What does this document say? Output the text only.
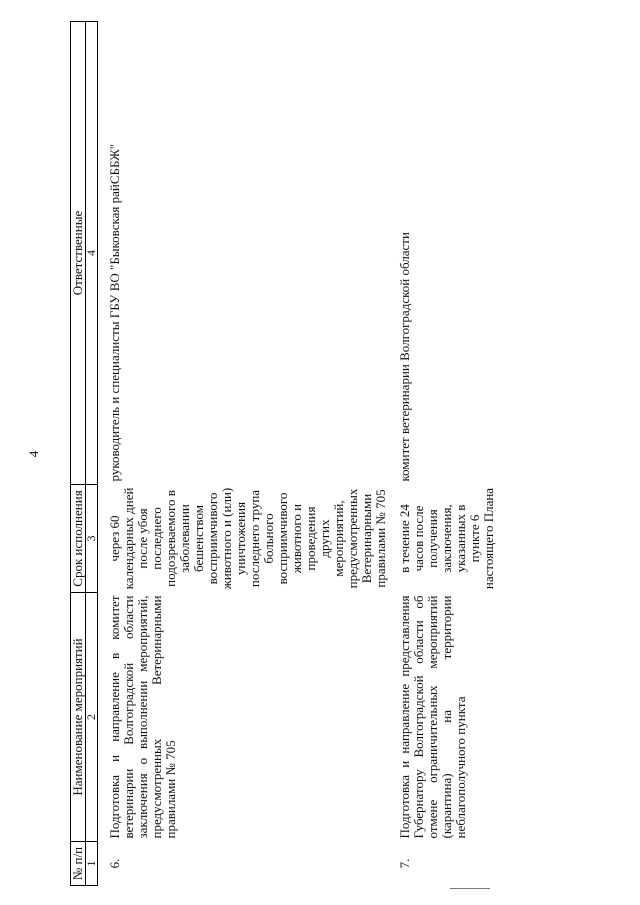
4
№ п/п	Наименование мероприятий	Срок исполнения	Ответственные
1	2	3	4
6.	Подготовка и направление в комитет ветеринарии Волгоградской области заключения о выполнении мероприятий, предусмотренных Ветеринарными правилами № 705	через 60 календарных дней после убоя последнего подозреваемого в заболевании бешенством восприимчивого животного и (или) уничтожения последнего трупа больного восприимчивого животного и проведения других мероприятий, предусмотренных Ветеринарными правилами № 705	руководитель и специалисты ГБУ ВО "Быковская райСББЖ"
7.	Подготовка и направление представления Губернатору Волгоградской области об отмене ограничительных мероприятий (карантина) на территории неблагополучного пункта	в течение 24 часов после получения заключения, указанных в пункте 6 настоящего Плана	комитет ветеринарии Волгоградской области
